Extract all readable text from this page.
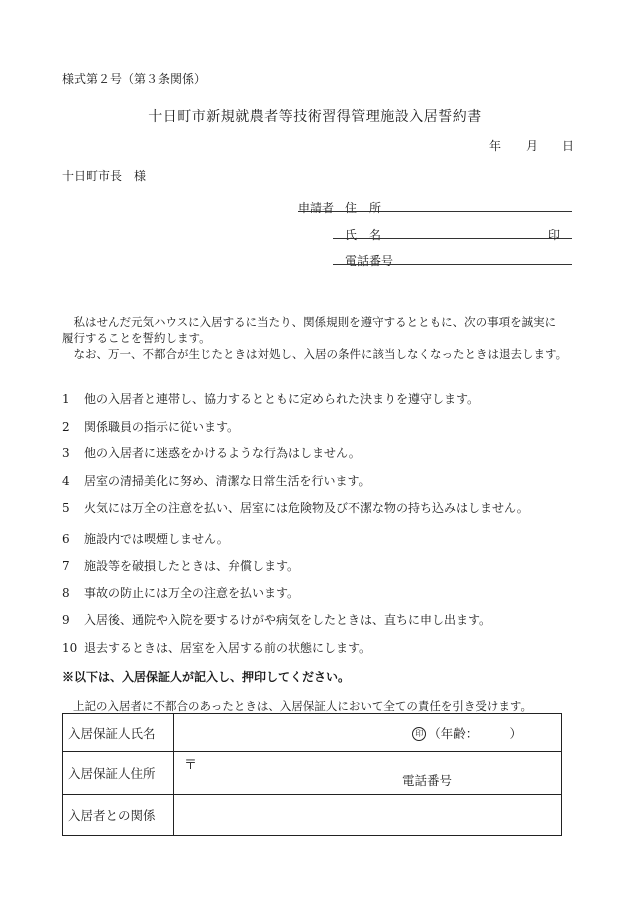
様式第２号（第３条関係）
十日町市新規就農者等技術習得管理施設入居誓約書
年 月 日
十日町市長　様
申請者 住　所
氏　名	印
電話番号
　私はせんだ元気ハウスに入居するに当たり、関係規則を遵守するとともに、次の事項を誠実に
履行することを誓約します。
　なお、万一、不都合が生じたときは対処し、入居の条件に該当しなくなったときは退去します。
1 他の入居者と連帯し、協力するとともに定められた決まりを遵守します。
2 関係職員の指示に従います。
3 他の入居者に迷惑をかけるような行為はしません。
4 居室の清掃美化に努め、清潔な日常生活を行います。
5 火気には万全の注意を払い、居室には危険物及び不潔な物の持ち込みはしません。
6 施設内では喫煙しません。
7 施設等を破損したときは、弁償します。
8 事故の防止には万全の注意を払います。
9 入居後、通院や入院を要するけがや病気をしたときは、直ちに申し出ます。
10 退去するときは、居室を入居する前の状態にします。
※以下は、入居保証人が記入し、押印してください。
上記の入居者に不都合のあったときは、入居保証人において全ての責任を引き受けます。
入居保証人氏名	印 （年齢：　　　）

入居保証人住所	〒
電話番号

入居者との関係	
